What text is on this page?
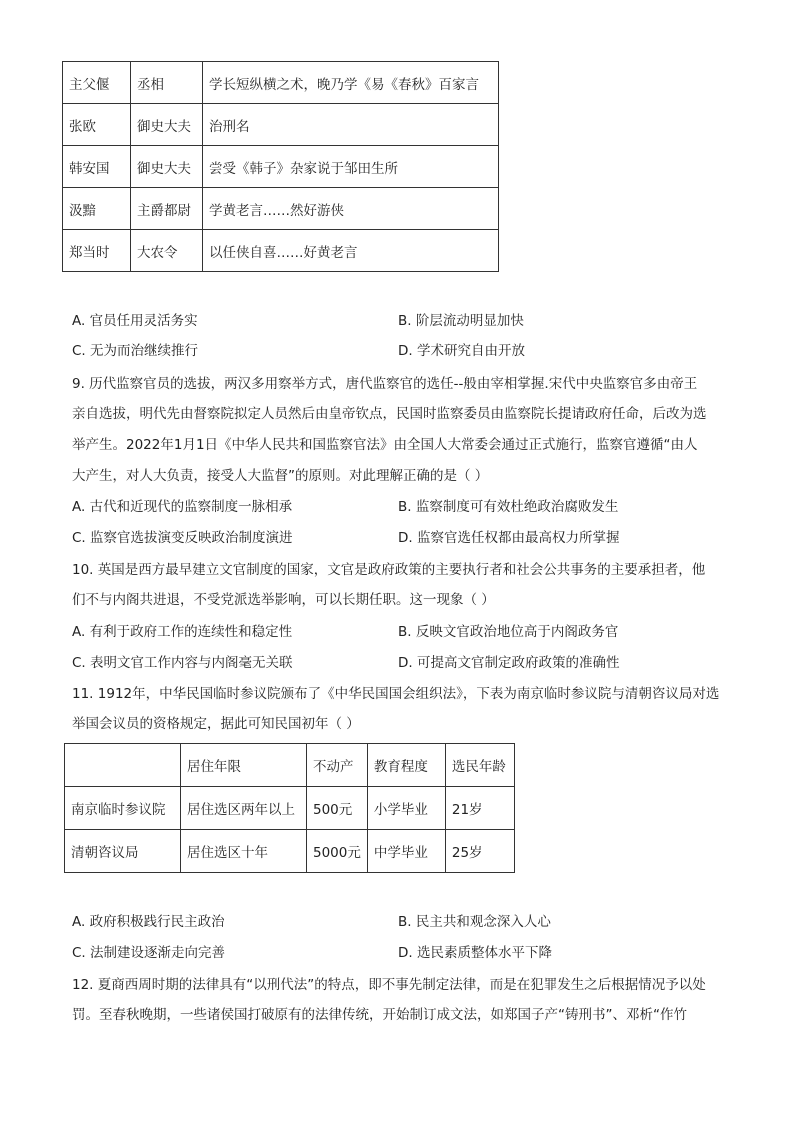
主父偃	丞相	学长短纵横之术，晚乃学《易《春秋》百家言
张欧	御史大夫	治刑名
韩安国	御史大夫	尝受《韩子》杂家说于邹田生所
汲黯	主爵都尉	学黄老言……然好游侠
郑当时	大农令	以任侠自喜……好黄老言
A. 官员任用灵活务实	B. 阶层流动明显加快
C. 无为而治继续推行	D. 学术研究自由开放
9. 历代监察官员的选拔，两汉多用察举方式，唐代监察官的选任--般由宰相掌握.宋代中央监察官多由帝王
亲自选拔，明代先由督察院拟定人员然后由皇帝钦点，民国时监察委员由监察院长提请政府任命，后改为选
举产生。2022年1月1日《中华人民共和国监察官法》由全国人大常委会通过正式施行，监察官遵循“由人
大产生，对人大负责，接受人大监督”的原则。对此理解正确的是（ ）
A. 古代和近现代的监察制度一脉相承	B. 监察制度可有效杜绝政治腐败发生
C. 监察官选拔演变反映政治制度演进	D. 监察官选任权都由最高权力所掌握
10. 英国是西方最早建立文官制度的国家，文官是政府政策的主要执行者和社会公共事务的主要承担者，他
们不与内阁共进退，不受党派选举影响，可以长期任职。这一现象（ ）
A. 有利于政府工作的连续性和稳定性	B. 反映文官政治地位高于内阁政务官
C. 表明文官工作内容与内阁毫无关联	D. 可提高文官制定政府政策的准确性
11. 1912年，中华民国临时参议院颁布了《中华民国国会组织法》，下表为南京临时参议院与清朝咨议局对选
举国会议员的资格规定，据此可知民国初年（ ）
	居住年限	不动产	教育程度	选民年龄
南京临时参议院	居住选区两年以上	500元	小学毕业	21岁
清朝咨议局	居住选区十年	5000元	中学毕业	25岁
A. 政府积极践行民主政治	B. 民主共和观念深入人心
C. 法制建设逐渐走向完善	D. 选民素质整体水平下降
12. 夏商西周时期的法律具有“以刑代法”的特点，即不事先制定法律，而是在犯罪发生之后根据情况予以处
罚。至春秋晚期，一些诸侯国打破原有的法律传统，开始制订成文法，如郑国子产“铸刑书”、邓析“作竹
